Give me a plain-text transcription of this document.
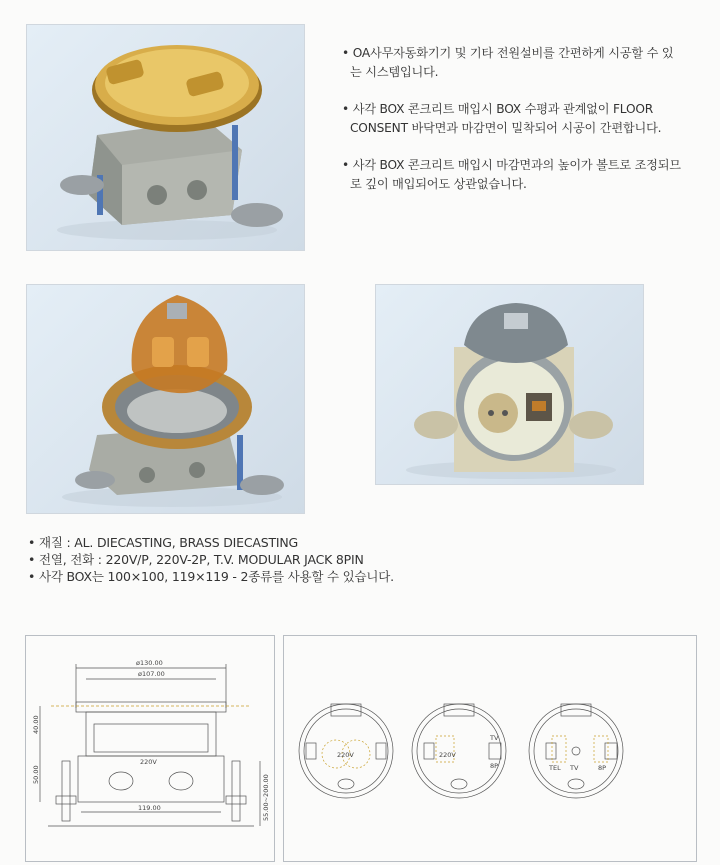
• OA사무자동화기기 및 기타 전원설비를 간편하게 시공할 수 있는 시스템입니다.

• 사각 BOX 콘크리트 매입시 BOX 수평과 관계없이 FLOOR CONSENT 바닥면과 마감면이 밀착되어 시공이 간편합니다.

• 사각 BOX 콘크리트 매입시 마감면과의 높이가 볼트로 조정되므로 깊이 매입되어도 상관없습니다.

• 재질 : AL. DIECASTING, BRASS DIECASTING

• 전열, 전화 : 220V/P, 220V-2P, T.V. MODULAR JACK 8PIN

• 사각 BOX는 100×100, 119×119 - 2종류를 사용할 수 있습니다.

ø130.00
ø107.00
40.00
50.00
119.00	55.00~200.00
220V
220V	220V
TV
8P	TEL TV	8P
